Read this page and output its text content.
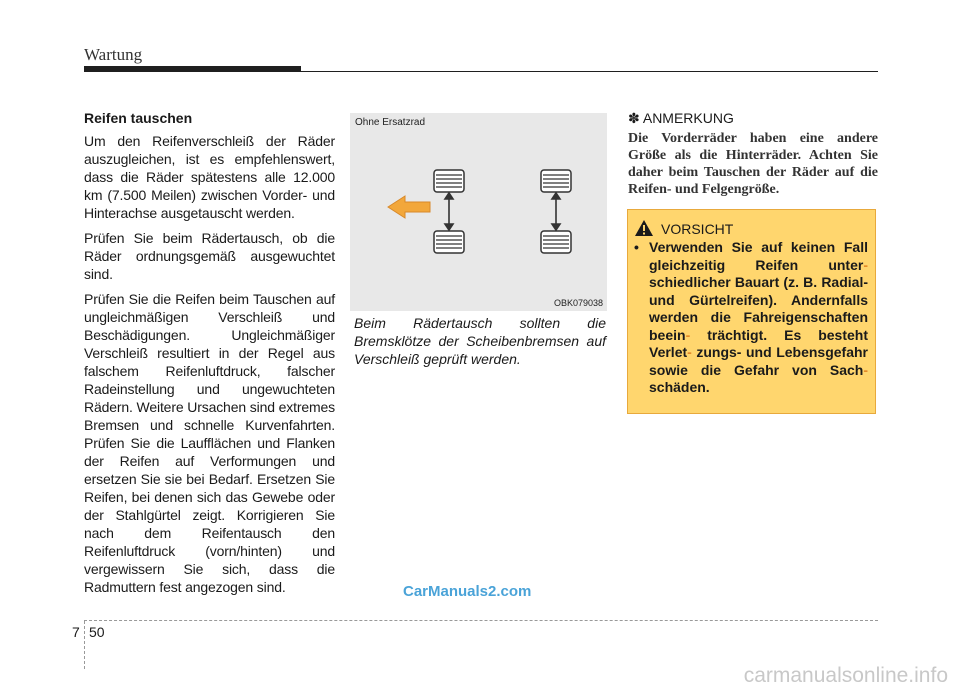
Wartung
Reifen tauschen

Um den Reifenverschleiß der Räder auszugleichen, ist es empfehlenswert, dass die Räder spätestens alle 12.000 km (7.500 Meilen) zwischen Vorder- und Hinterachse ausgetauscht werden.

Prüfen Sie beim Rädertausch, ob die Räder ordnungsgemäß ausgewuchtet sind.

Prüfen Sie die Reifen beim Tauschen auf ungleichmäßigen Verschleiß und Beschädigungen. Ungleichmäßiger Verschleiß resultiert in der Regel aus falschem Reifenluftdruck, falscher Radeinstellung und ungewuchteten Rädern. Weitere Ursachen sind extremes Bremsen und schnelle Kurvenfahrten. Prüfen Sie die Laufflächen und Flanken der Reifen auf Verformungen und ersetzen Sie sie bei Bedarf. Ersetzen Sie Reifen, bei denen sich das Gewebe oder der Stahlgürtel zeigt. Korrigieren Sie nach dem Reifentausch den Reifenluftdruck (vorn/hinten) und vergewissern Sie sich, dass die Radmuttern fest angezogen sind.

Ohne Ersatzrad
OBK079038
Beim Rädertausch sollten die Bremsklötze der Scheibenbremsen auf Verschleiß geprüft werden.
✽ ANMERKUNG
Die Vorderräder haben eine andere Größe als die Hinterräder. Achten Sie daher beim Tauschen der Räder auf die Reifen- und Felgengröße.
VORSICHT
• Verwenden Sie auf keinen Fall gleichzeitig Reifen unter- schiedlicher Bauart (z. B. Radial- und Gürtelreifen). Andernfalls werden die Fahreigenschaften beein- trächtigt. Es besteht Verlet- zungs- und Lebensgefahr sowie die Gefahr von Sach- schäden.
CarManuals2.com
7 50
carmanualsonline.info
